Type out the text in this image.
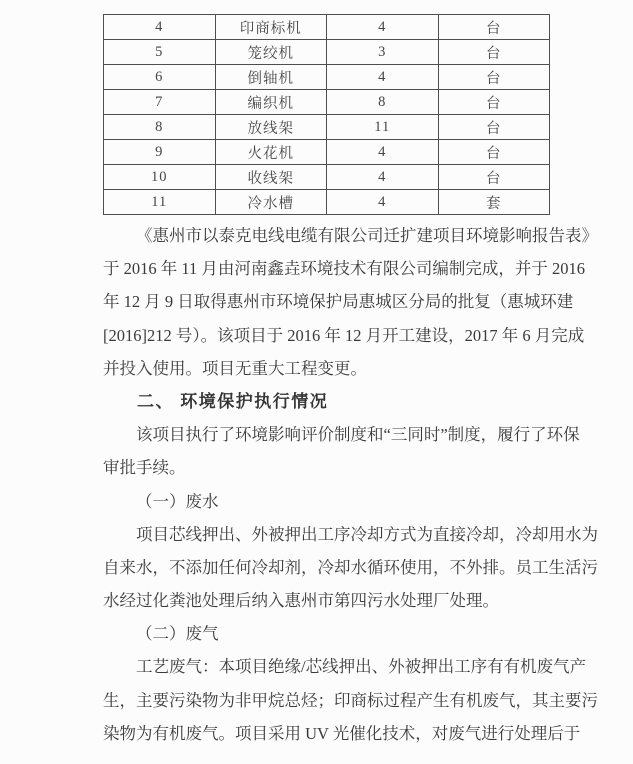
4	印商标机	4	台
5	笼绞机	3	台
6	倒轴机	4	台
7	编织机	8	台
8	放线架	11	台
9	火花机	4	台
10	收线架	4	台
11	冷水槽	4	套
《惠州市以泰克电线电缆有限公司迁扩建项目环境影响报告表》
于 2016 年 11 月由河南鑫垚环境技术有限公司编制完成，并于 2016
年 12 月 9 日取得惠州市环境保护局惠城区分局的批复（惠城环建
[2016]212 号）。该项目于 2016 年 12 月开工建设，2017 年 6 月完成
并投入使用。项目无重大工程变更。
二、 环境保护执行情况
该项目执行了环境影响评价制度和“三同时”制度，履行了环保
审批手续。
（一）废水
项目芯线押出、外被押出工序冷却方式为直接冷却，冷却用水为
自来水，不添加任何冷却剂，冷却水循环使用，不外排。员工生活污
水经过化粪池处理后纳入惠州市第四污水处理厂处理。
（二）废气
工艺废气：本项目绝缘/芯线押出、外被押出工序有有机废气产
生，主要污染物为非甲烷总烃；印商标过程产生有机废气，其主要污
染物为有机废气。项目采用 UV 光催化技术，对废气进行处理后于
